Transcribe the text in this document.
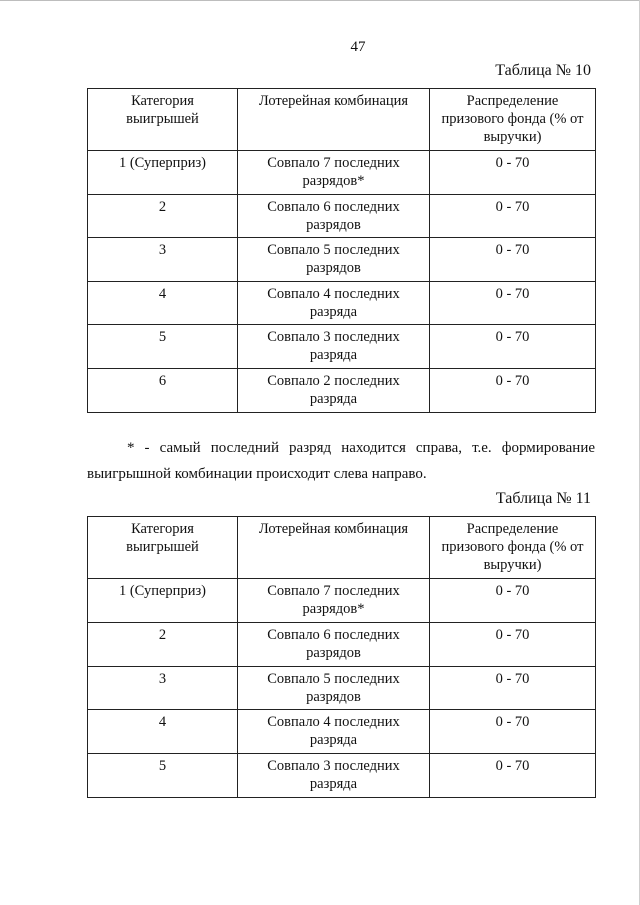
47
Таблица № 10
Категория выигрышей	Лотерейная комбинация	Распределение призового фонда (% от выручки)
1 (Суперприз)	Совпало 7 последних разрядов*	0 - 70
2	Совпало 6 последних разрядов	0 - 70
3	Совпало 5 последних разрядов	0 - 70
4	Совпало 4 последних разряда	0 - 70
5	Совпало 3 последних разряда	0 - 70
6	Совпало 2 последних разряда	0 - 70
* - самый последний разряд находится справа, т.е. формирование
выигрышной комбинации происходит слева направо.
Таблица № 11
Категория выигрышей	Лотерейная комбинация	Распределение призового фонда (% от выручки)
1 (Суперприз)	Совпало 7 последних разрядов*	0 - 70
2	Совпало 6 последних разрядов	0 - 70
3	Совпало 5 последних разрядов	0 - 70
4	Совпало 4 последних разряда	0 - 70
5	Совпало 3 последних разряда	0 - 70
